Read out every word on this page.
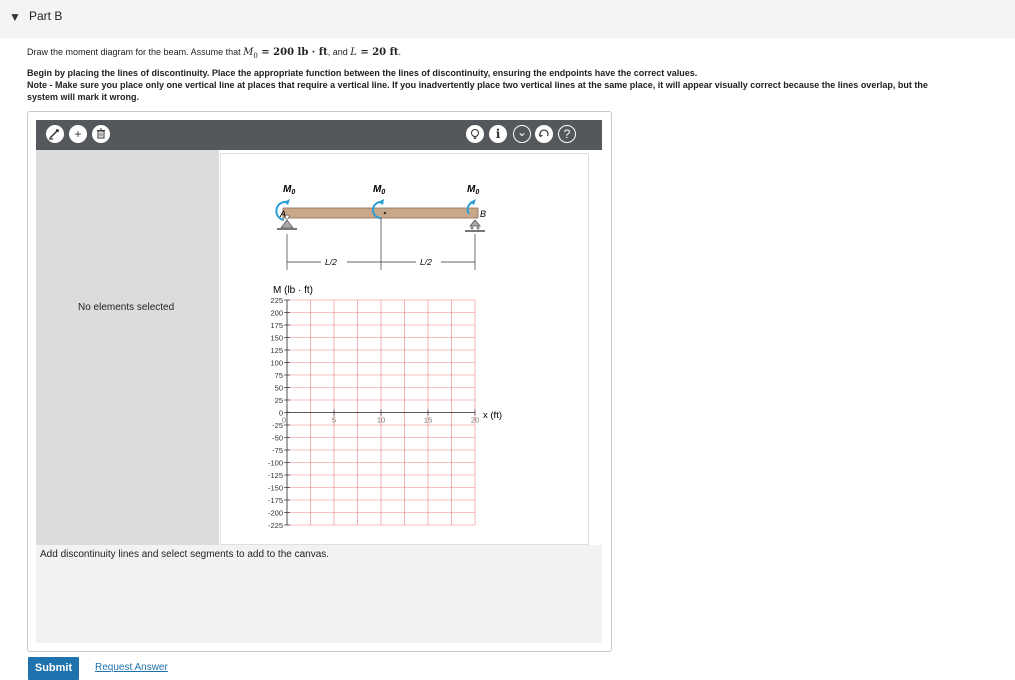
▼ Part B
Draw the moment diagram for the beam. Assume that $M_0 = 200$ lb · ft, and L = 20 ft.
Begin by placing the lines of discontinuity. Place the appropriate function between the lines of discontinuity, ensuring the endpoints have the correct values.
Note - Make sure you place only one vertical line at places that require a vertical line. If you inadvertently place two vertical lines at the same place, it will appear visually correct because the lines overlap, but the
system will mark it wrong.
+	i	⌄	?
No elements selected
$M_0$	$M_0$	$M_0$
A	B
L/2	L/2
M (lb · ft)
x (ft)
225
200
175
150
125
100
75
50
25
0
-25
-50
-75
-100
-125
-150
-175
-200
-225
0	5	10	15	20
Add discontinuity lines and select segments to add to the canvas.
Submit	Request Answer
